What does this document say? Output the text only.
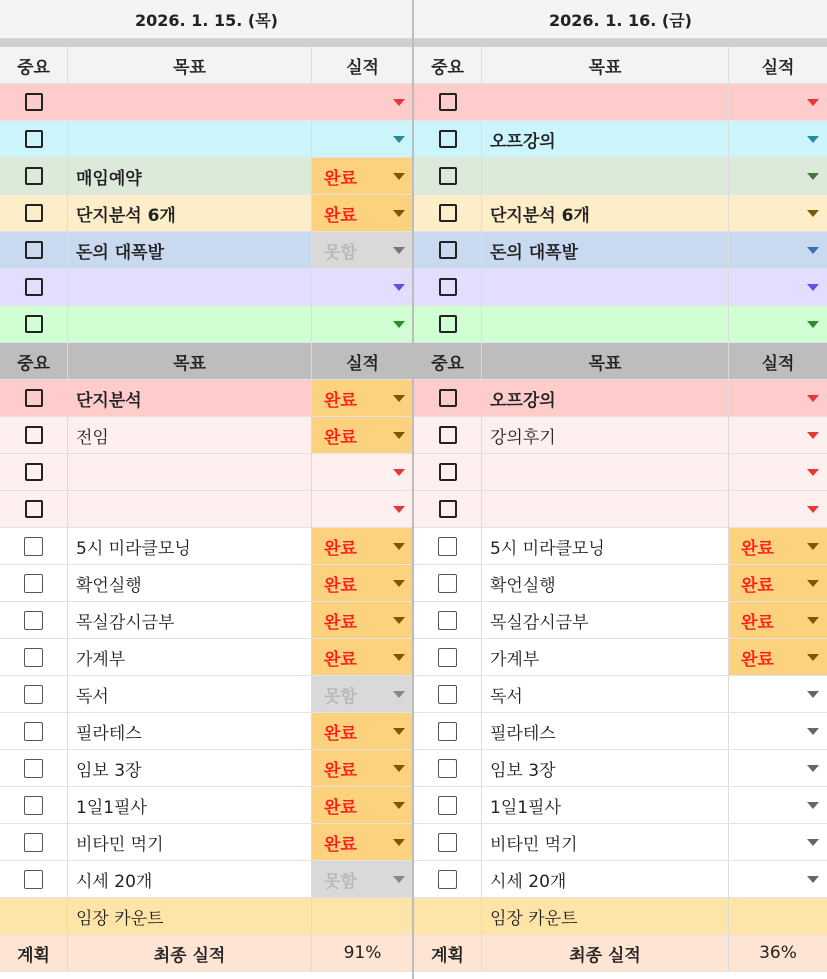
2026. 1. 15. (목)
중요	목표	실적
매임예약	완료
단지분석 6개	완료
돈의 대폭발	못함
중요	목표	실적
단지분석	완료
전임	완료
5시 미라클모닝	완료
확언실행	완료
목실감시금부	완료
가계부	완료
독서	못함
필라테스	완료
임보 3장	완료
1일1필사	완료
비타민 먹기	완료
시세 20개	못함
임장 카운트
계획	최종 실적	91%
2026. 1. 16. (금)
중요	목표	실적
오프강의
단지분석 6개
돈의 대폭발
중요	목표	실적
오프강의
강의후기
5시 미라클모닝	완료
확언실행	완료
목실감시금부	완료
가계부	완료
독서
필라테스
임보 3장
1일1필사
비타민 먹기
시세 20개
임장 카운트
계획	최종 실적	36%
